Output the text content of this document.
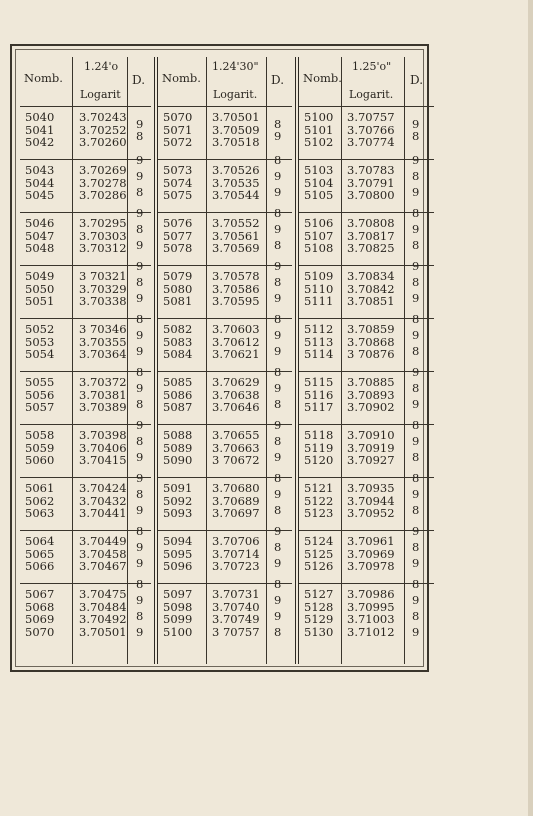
Nomb.
1.24'o
Logarit
D.
5040 3.70243
5041 3.70252
5042 3.70260
9
8
5043 3.70269
5044 3.70278
5045 3.70286
9
9
8
5046 3.70295
5047 3.70303
5048 3.70312
9
8
9
5049 3 70321
5050 3.70329
5051 3.70338
9
8
9
5052 3 70346
5053 3.70355
5054 3.70364
8
9
9
5055 3.70372
5056 3.70381
5057 3.70389
8
9
8
5058 3.70398
5059 3.70406
5060 3.70415
9
8
9
5061 3.70424
5062 3.70432
5063 3.70441
9
8
9
5064 3.70449
5065 3.70458
5066 3.70467
8
9
9
5067 3.70475
5068 3.70484
5069 3.70492
5070 3.70501
8
9
8
9
Nomb.
1.24'30"
Logarit.
D.
5070 3.70501
5071 3.70509
5072 3.70518
8
9
5073 3.70526
5074 3.70535
5075 3.70544
8
9
9
5076 3.70552
5077 3.70561
5078 3.70569
8
9
8
5079 3.70578
5080 3.70586
5081 3.70595
9
8
9
5082 3.70603
5083 3.70612
5084 3.70621
8
9
9
5085 3.70629
5086 3.70638
5087 3.70646
8
9
8
5088 3.70655
5089 3.70663
5090 3 70672
9
8
9
5091 3.70680
5092 3.70689
5093 3.70697
8
9
8
5094 3.70706
5095 3.70714
5096 3.70723
9
8
9
5097 3.70731
5098 3.70740
5099 3.70749
5100 3 70757
8
9
9
8
Nomb.
1.25'o"
Logarit.
D.
5100 3.70757
5101 3.70766
5102 3.70774
9
8
5103 3.70783
5104 3.70791
5105 3.70800
9
8
9
5106 3.70808
5107 3.70817
5108 3.70825
8
9
8
5109 3.70834
5110 3.70842
5111 3.70851
9
8
9
5112 3.70859
5113 3.70868
5114 3 70876
8
9
8
5115 3.70885
5116 3.70893
5117 3.70902
9
8
9
5118 3.70910
5119 3.70919
5120 3.70927
8
9
8
5121 3.70935
5122 3.70944
5123 3.70952
8
9
8
5124 3.70961
5125 3.70969
5126 3.70978
9
8
9
5127 3.70986
5128 3.70995
5129 3.71003
5130 3.71012
8
9
8
9
